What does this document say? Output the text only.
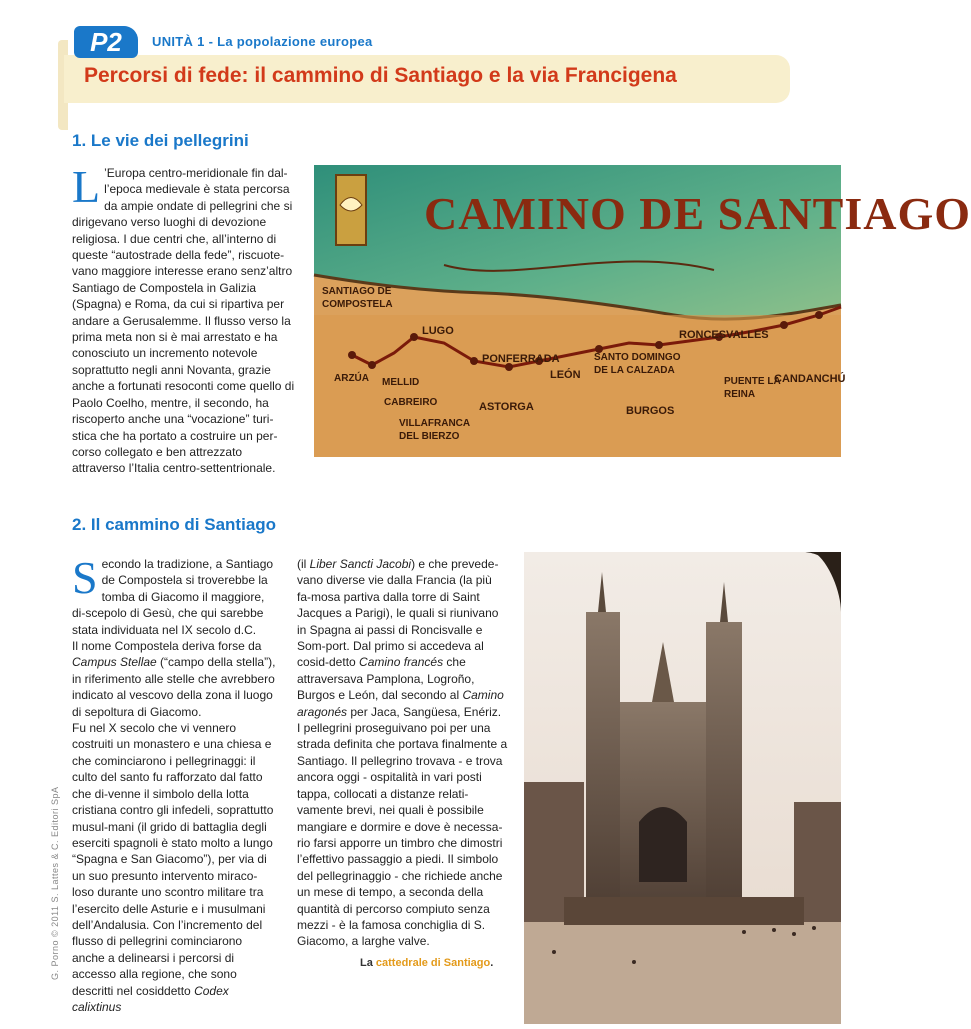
P2	UNITÀ 1 - La popolazione europea
Percorsi di fede: il cammino di Santiago e la via Francigena
1. Le vie dei pellegrini
L ’Europa centro-meridionale fin dal-l’epoca medievale è stata percorsa da ampie ondate di pellegrini che si dirigevano verso luoghi di devozione religiosa. I due centri che, all’interno di queste “autostrade della fede”, riscuote-vano maggiore interesse erano senz’altro Santiago de Compostela in Galizia (Spagna) e Roma, da cui si ripartiva per andare a Gerusalemme. Il flusso verso la prima meta non si è mai arrestato e ha conosciuto un incremento notevole soprattutto negli anni Novanta, grazie anche a fortunati resoconti come quello di Paolo Coelho, mentre, il secondo, ha riscoperto anche una “vocazione” turi-stica che ha portato a costruire un per-corso collegato e ben attrezzato attraverso l’Italia centro-settentrionale.
CAMINO DE SANTIAGO
SANTIAGO DE COMPOSTELA
LUGO
ARZÚA MELLID
CABREIRO
VILLAFRANCA DEL BIERZO
PONFERRADA
ASTORGA
LEÓN
SANTO DOMINGO DE LA CALZADA
BURGOS
RONCESVALLES
PUENTE LA REINA
CANDANCHÚ
2. Il cammino di Santiago

Secondo la tradizione, a Santiago de Compostela si troverebbe la tomba di Giacomo il maggiore, di-scepolo di Gesù, che qui sarebbe stata individuata nel IX secolo d.C.

Il nome Compostela deriva forse da Campus Stellae (“campo della stella”), in riferimento alle stelle che avrebbero indicato al vescovo della zona il luogo di sepoltura di Giacomo.

Fu nel X secolo che vi vennero costruiti un monastero e una chiesa e che cominciarono i pellegrinaggi: il culto del santo fu rafforzato dal fatto che di-venne il simbolo della lotta cristiana contro gli infedeli, soprattutto musul-mani (il grido di battaglia degli eserciti spagnoli è stato molto a lungo “Spagna e San Giacomo”), per via di un suo presunto intervento miraco-loso durante uno scontro militare tra l’esercito delle Asturie e i musulmani dell’Andalusia. Con l’incremento del flusso di pellegrini cominciarono anche a delinearsi i percorsi di accesso alla regione, che sono descritti nel cosiddetto Codex calixtinus

(il Liber Sancti Jacobi) e che prevede-vano diverse vie dalla Francia (la più fa-mosa partiva dalla torre di Saint Jacques a Parigi), le quali si riunivano in Spagna ai passi di Roncisvalle e Som-port. Dal primo si accedeva al cosid-detto Camino francés che attraversava Pamplona, Logroño, Burgos e León, dal secondo al Camino aragonés per Jaca, Sangüesa, Enériz.

I pellegrini proseguivano poi per una strada definita che portava finalmente a Santiago. Il pellegrino trovava - e trova ancora oggi - ospitalità in vari posti tappa, collocati a distanze relati-vamente brevi, nei quali è possibile mangiare e dormire e dove è necessa-rio farsi apporre un timbro che dimostri l’effettivo passaggio a piedi. Il simbolo del pellegrinaggio - che richiede anche un mese di tempo, a seconda della quantità di percorso compiuto senza mezzi - è la famosa conchiglia di S. Giacomo, a larghe valve.

La cattedrale di Santiago.
G. Porno © 2011 S. Lattes & C. Editori SpA
